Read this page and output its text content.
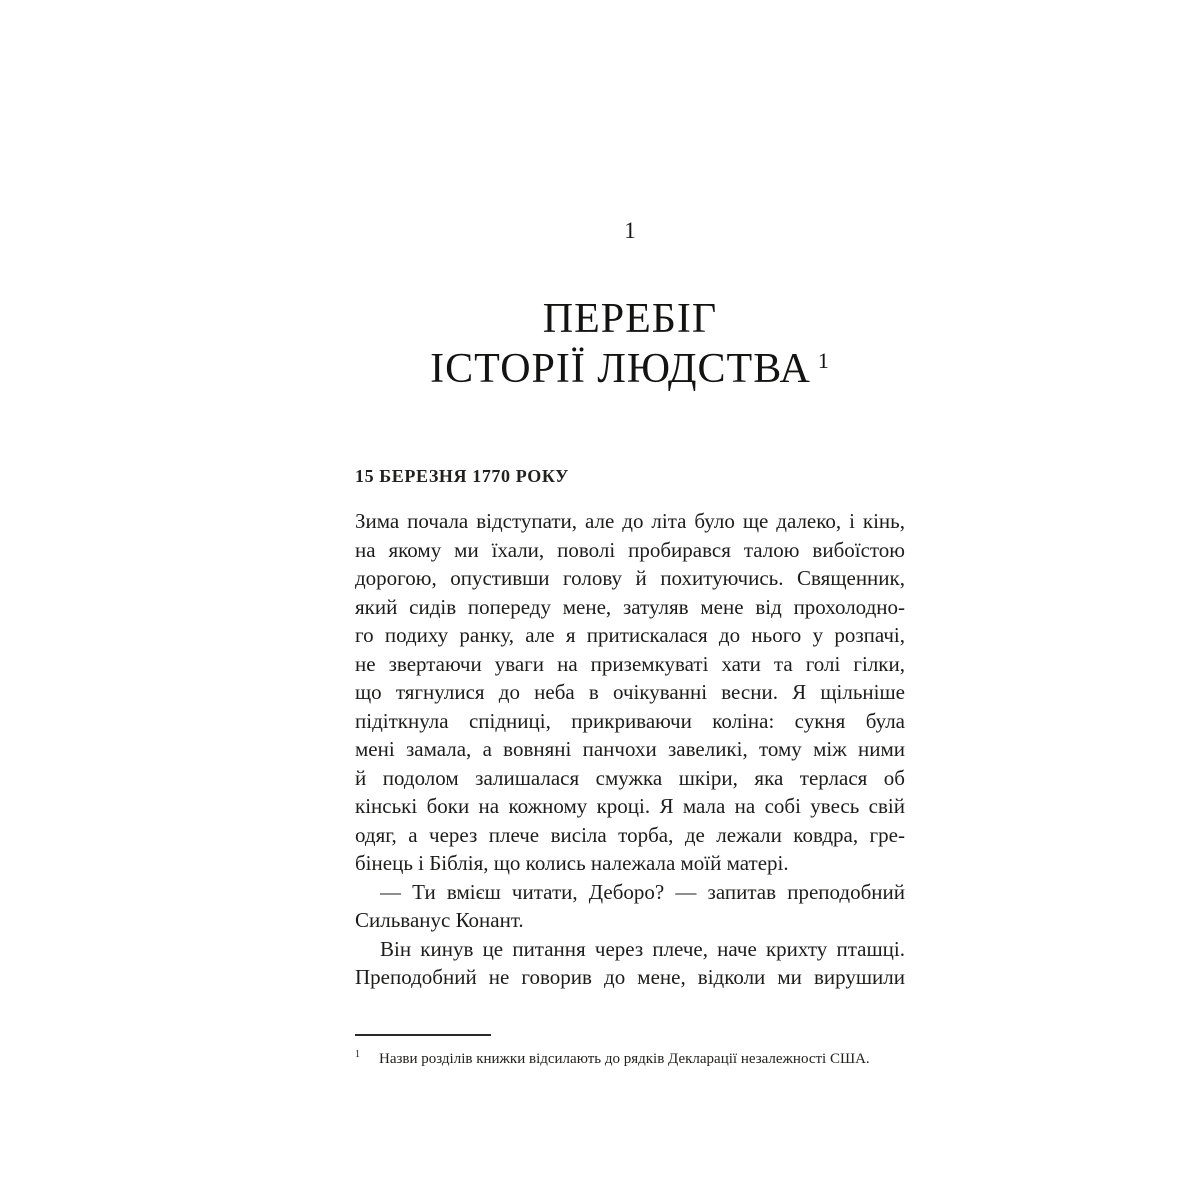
1
ПЕРЕБІГ
ІСТОРІЇ ЛЮДСТВА $^1$
15 БЕРЕЗНЯ 1770 РОКУ
Зима почала відступати, але до літа було ще далеко, і кінь,
на якому ми їхали, поволі пробирався талою вибоїстою
дорогою, опустивши голову й похитуючись. Священник,
який сидів попереду мене, затуляв мене від прохолодно-
го подиху ранку, але я притискалася до нього у розпачі,
не звертаючи уваги на приземкуваті хати та голі гілки,
що тягнулися до неба в очікуванні весни. Я щільніше
підіткнула спідниці, прикриваючи коліна: сукня була
мені замала, а вовняні панчохи завеликі, тому між ними
й подолом залишалася смужка шкіри, яка терлася об
кінські боки на кожному кроці. Я мала на собі увесь свій
одяг, а через плече висіла торба, де лежали ковдра, гре-
бінець і Біблія, що колись належала моїй матері.
— Ти вмієш читати, Деборо? — запитав преподобний
Сильванус Конант.
Він кинув це питання через плече, наче крихту пташці.
Преподобний не говорив до мене, відколи ми вирушили
$^1$ Назви розділів книжки відсилають до рядків Декларації незалежності США.
